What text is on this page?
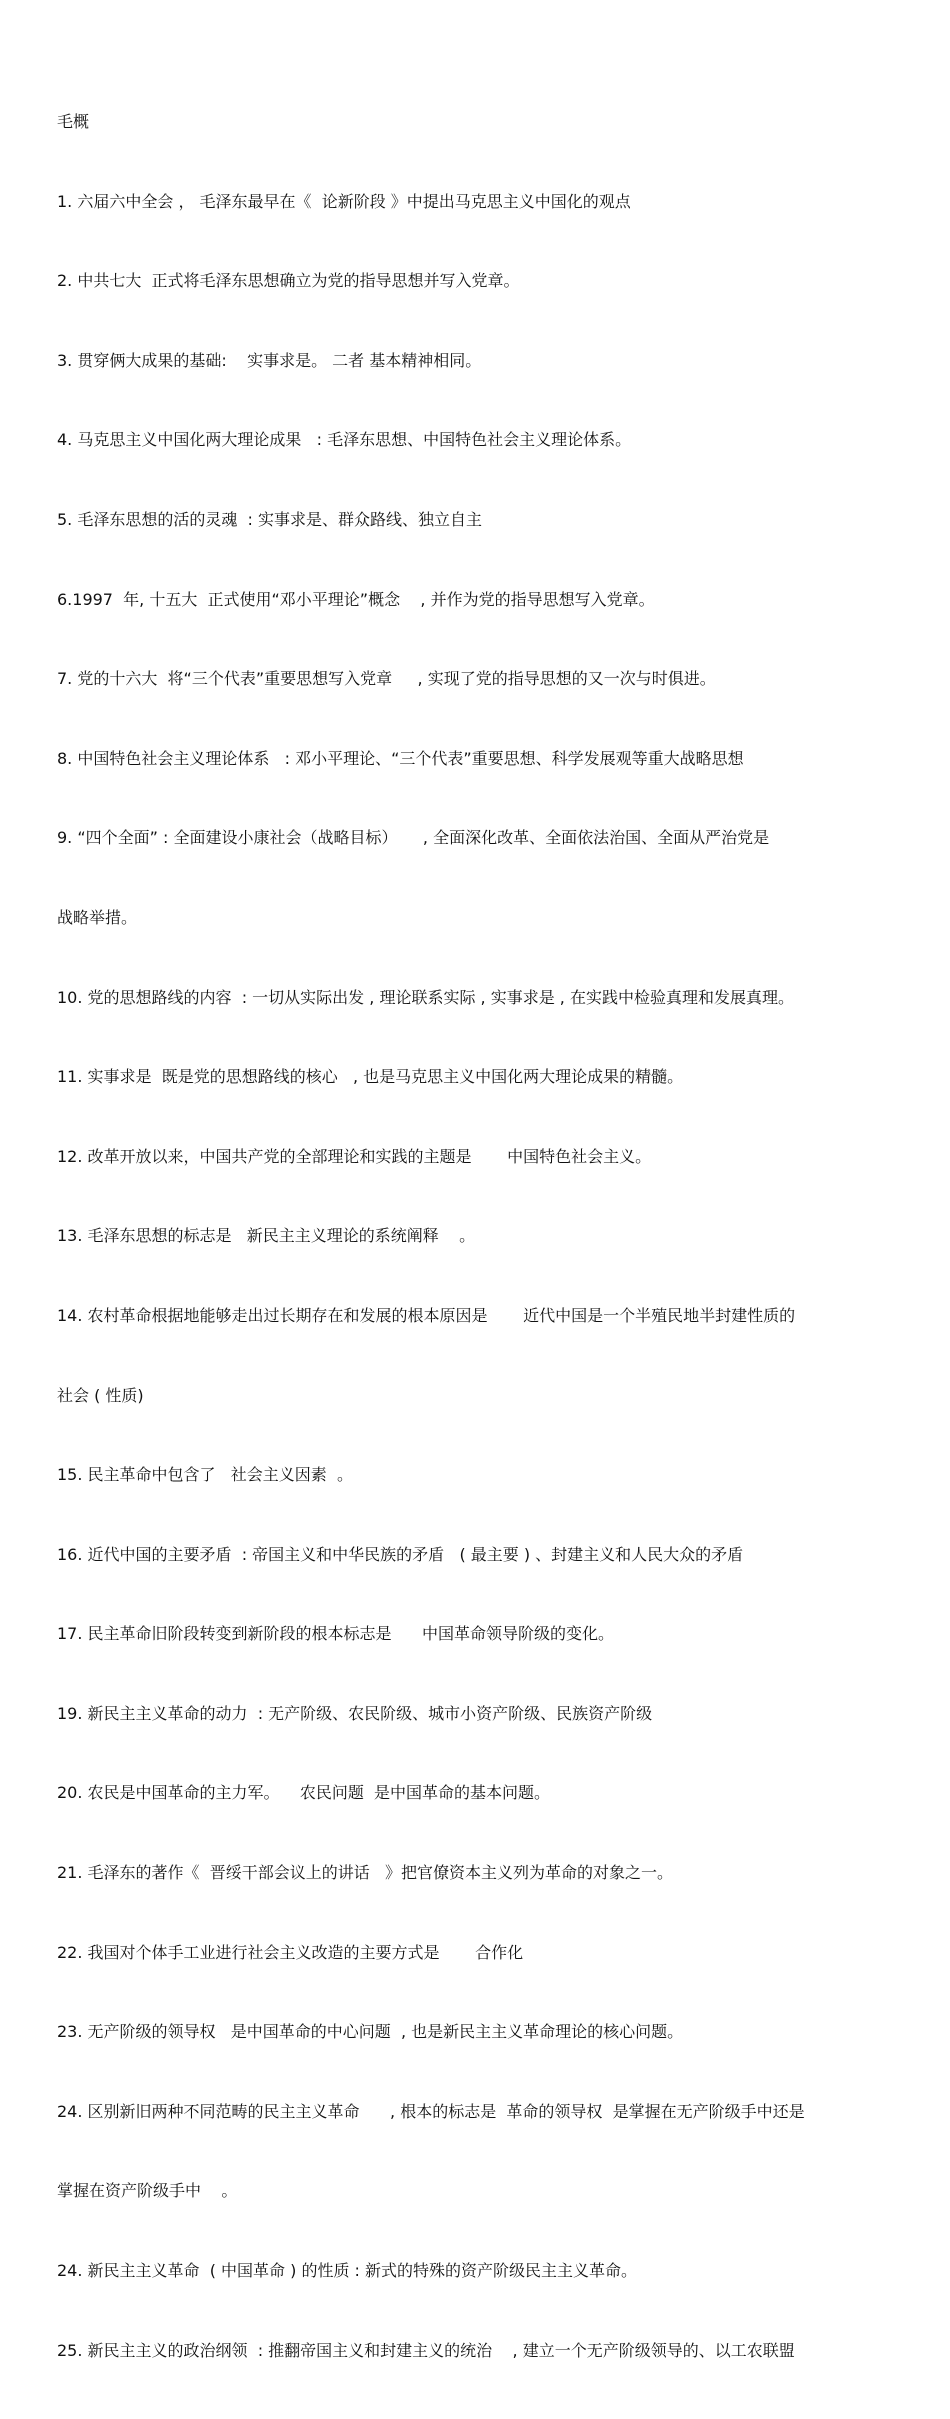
毛概

1. 六届六中全会 ， 毛泽东最早在《  论新阶段 》中提出马克思主义中国化的观点

2. 中共七大  正式将毛泽东思想确立为党的指导思想并写入党章。

3. 贯穿俩大成果的基础:    实事求是。 二者 基本精神相同。

4. 马克思主义中国化两大理论成果   : 毛泽东思想、中国特色社会主义理论体系。

5. 毛泽东思想的活的灵魂  : 实事求是、群众路线、独立自主

6.1997  年, 十五大  正式使用“邓小平理论”概念    , 并作为党的指导思想写入党章。

7. 党的十六大  将“三个代表”重要思想写入党章     , 实现了党的指导思想的又一次与时俱进。

8. 中国特色社会主义理论体系   : 邓小平理论、“三个代表”重要思想、科学发展观等重大战略思想

9. “四个全面” : 全面建设小康社会（战略目标）     , 全面深化改革、全面依法治国、全面从严治党是

战略举措。

10. 党的思想路线的内容  : 一切从实际出发 , 理论联系实际 , 实事求是 , 在实践中检验真理和发展真理。

11. 实事求是  既是党的思想路线的核心   , 也是马克思主义中国化两大理论成果的精髓。

12. 改革开放以来，中国共产党的全部理论和实践的主题是       中国特色社会主义。

13. 毛泽东思想的标志是   新民主主义理论的系统阐释    。

14. 农村革命根据地能够走出过长期存在和发展的根本原因是       近代中国是一个半殖民地半封建性质的

社会 ( 性质)

15. 民主革命中包含了   社会主义因素  。

16. 近代中国的主要矛盾  : 帝国主义和中华民族的矛盾   ( 最主要 ) 、封建主义和人民大众的矛盾

17. 民主革命旧阶段转变到新阶段的根本标志是      中国革命领导阶级的变化。

19. 新民主主义革命的动力  : 无产阶级、农民阶级、城市小资产阶级、民族资产阶级

20. 农民是中国革命的主力军。    农民问题  是中国革命的基本问题。

21. 毛泽东的著作《  晋绥干部会议上的讲话   》把官僚资本主义列为革命的对象之一。

22. 我国对个体手工业进行社会主义改造的主要方式是       合作化

23. 无产阶级的领导权   是中国革命的中心问题  , 也是新民主主义革命理论的核心问题。

24. 区别新旧两种不同范畴的民主主义革命      , 根本的标志是  革命的领导权  是掌握在无产阶级手中还是

掌握在资产阶级手中    。

24. 新民主主义革命  ( 中国革命 ) 的性质 : 新式的特殊的资产阶级民主主义革命。

25. 新民主主义的政治纲领  : 推翻帝国主义和封建主义的统治    , 建立一个无产阶级领导的、以工农联盟
